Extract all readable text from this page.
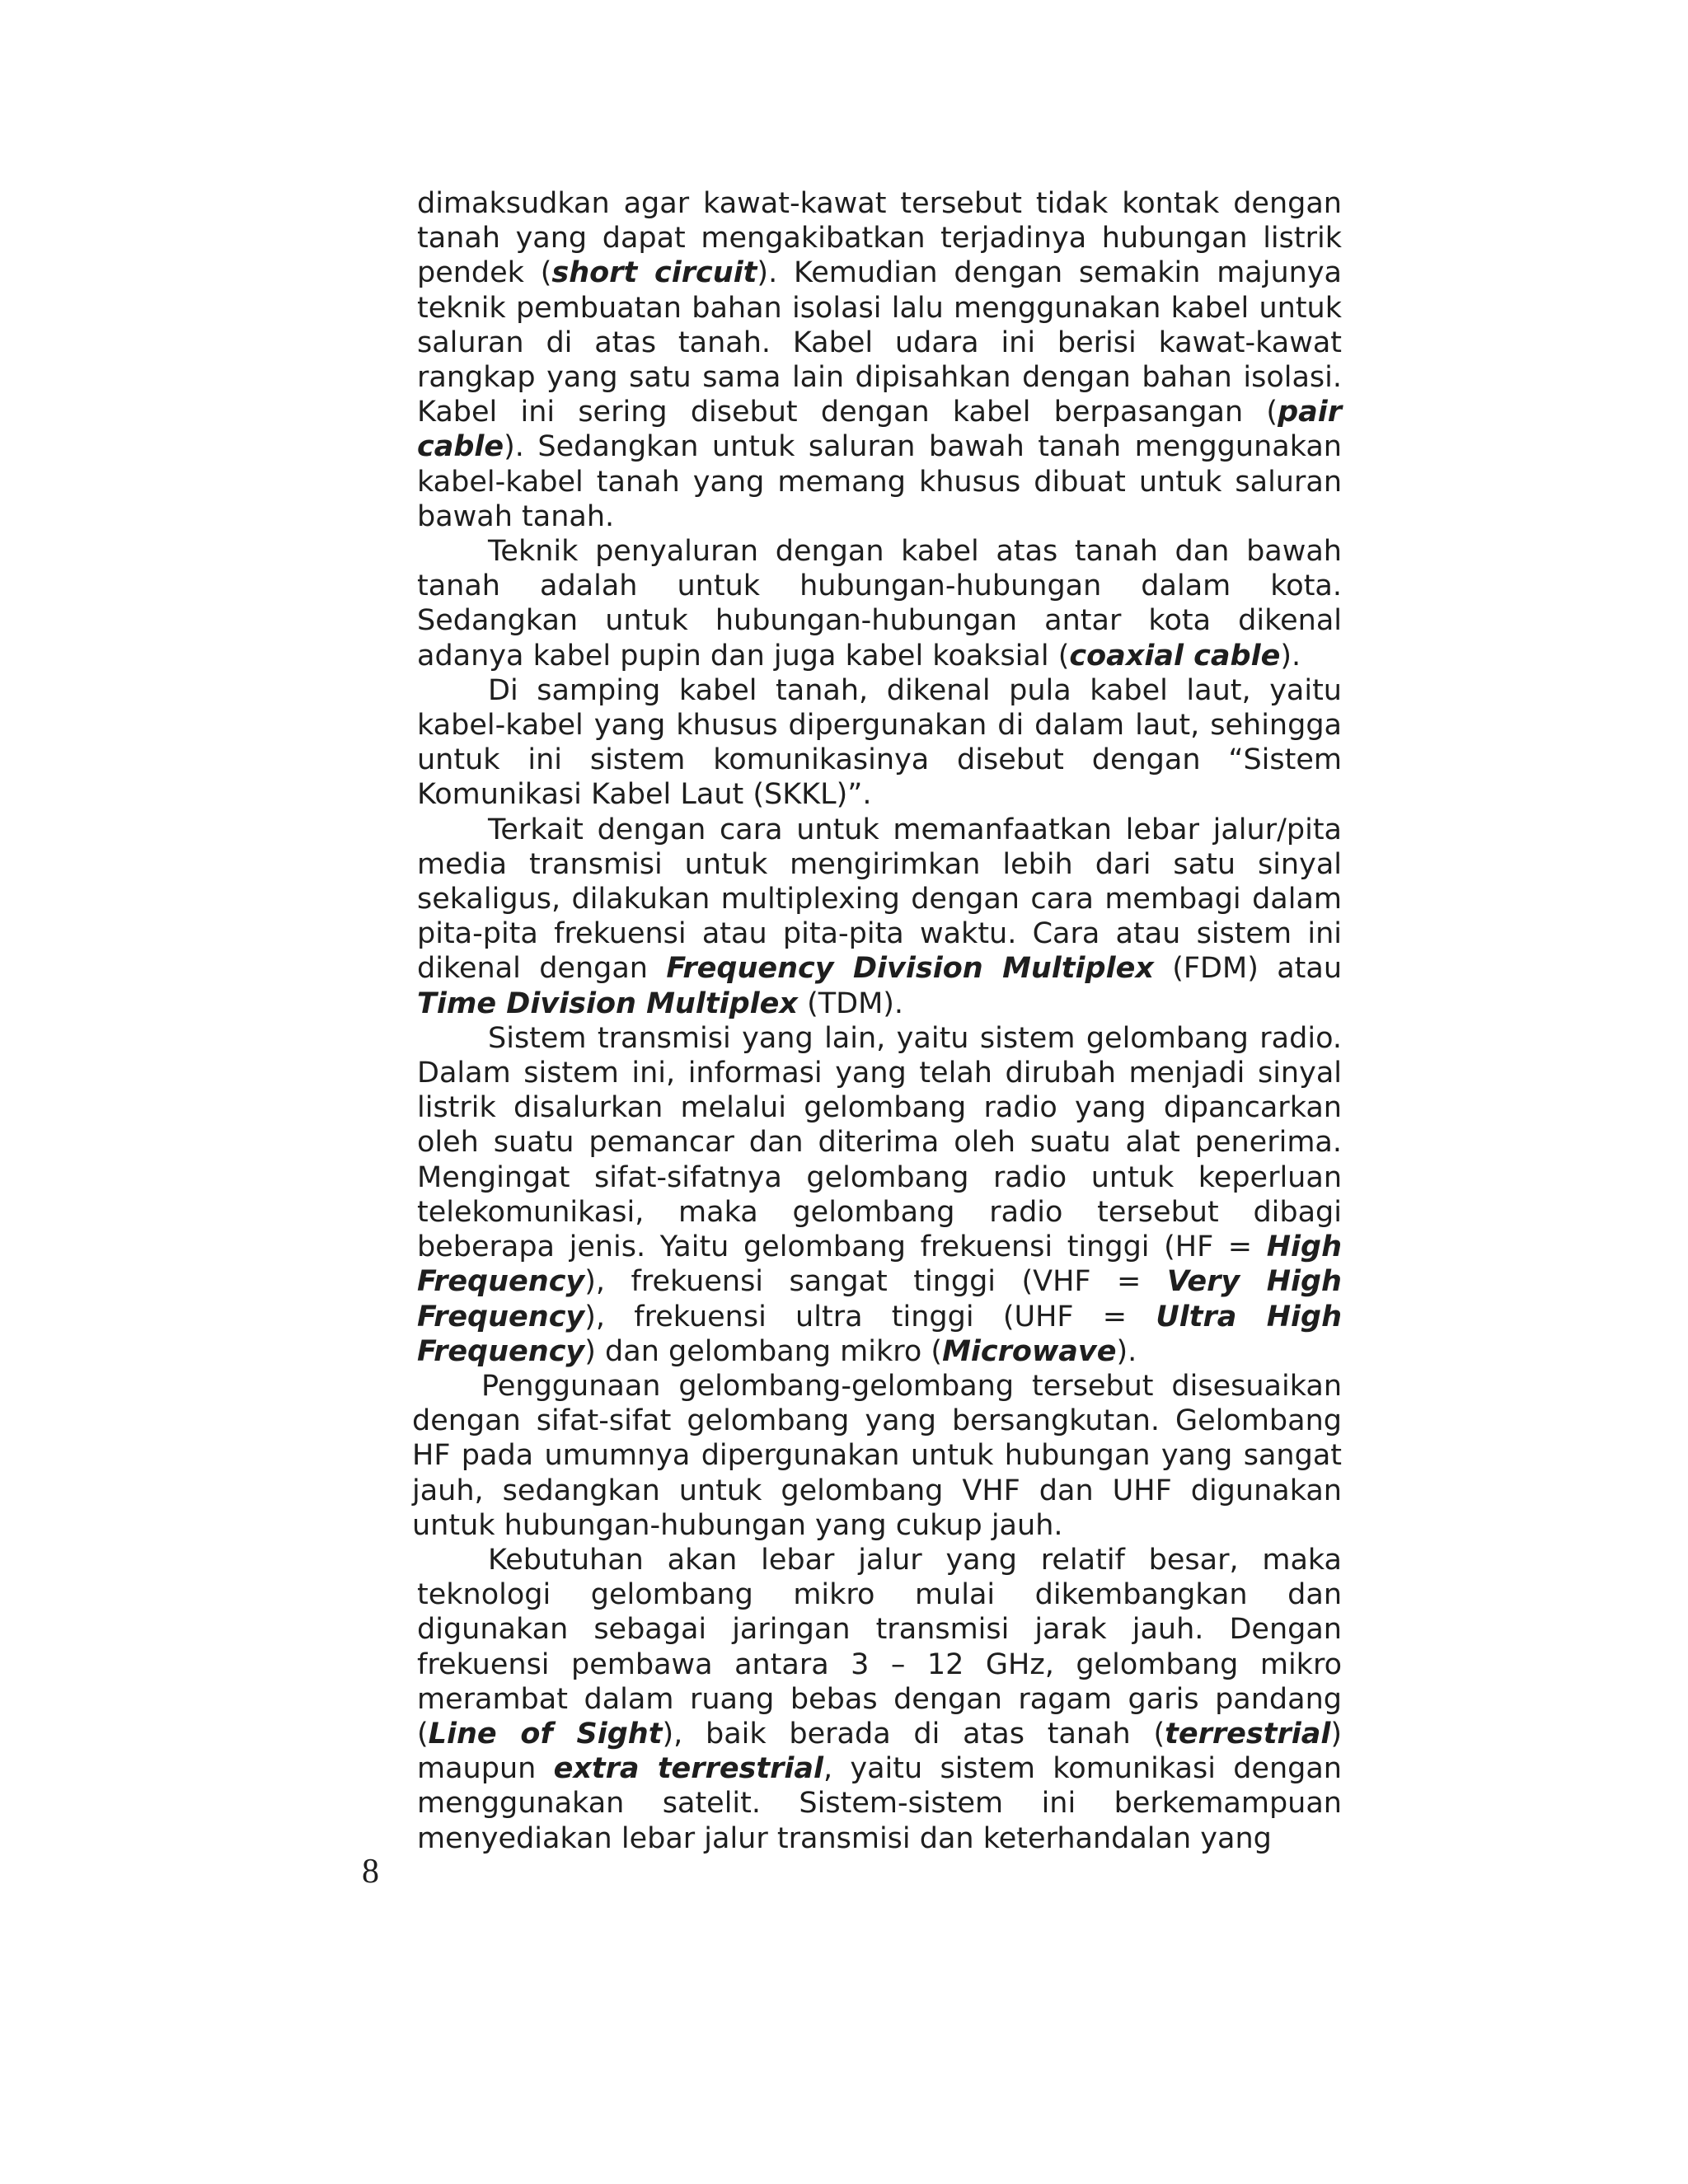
dimaksudkan agar kawat-kawat tersebut tidak kontak dengan tanah yang dapat mengakibatkan terjadinya hubungan listrik pendek (short circuit). Kemudian dengan semakin majunya teknik pembuatan bahan isolasi lalu menggunakan kabel untuk saluran di atas tanah. Kabel udara ini berisi kawat-kawat rangkap yang satu sama lain dipisahkan dengan bahan isolasi. Kabel ini sering disebut dengan kabel berpasangan (pair cable). Sedangkan untuk saluran bawah tanah menggunakan kabel-kabel tanah yang memang khusus dibuat untuk saluran bawah tanah.

Teknik penyaluran dengan kabel atas tanah dan bawah tanah adalah untuk hubungan-hubungan dalam kota. Sedangkan untuk hubungan-hubungan antar kota dikenal adanya kabel pupin dan juga kabel koaksial (coaxial cable).

Di samping kabel tanah, dikenal pula kabel laut, yaitu kabel-kabel yang khusus dipergunakan di dalam laut, sehingga untuk ini sistem komunikasinya disebut dengan “Sistem Komunikasi Kabel Laut (SKKL)”.

Terkait dengan cara untuk memanfaatkan lebar jalur/pita media transmisi untuk mengirimkan lebih dari satu sinyal sekaligus, dilakukan multiplexing dengan cara membagi dalam pita-pita frekuensi atau pita-pita waktu. Cara atau sistem ini dikenal dengan Frequency Division Multiplex (FDM) atau Time Division Multiplex (TDM).

Sistem transmisi yang lain, yaitu sistem gelombang radio. Dalam sistem ini, informasi yang telah dirubah menjadi sinyal listrik disalurkan melalui gelombang radio yang dipancarkan oleh suatu pemancar dan diterima oleh suatu alat penerima. Mengingat sifat-sifatnya gelombang radio untuk keperluan telekomunikasi, maka gelombang radio tersebut dibagi beberapa jenis. Yaitu gelombang frekuensi tinggi (HF = High Frequency), frekuensi sangat tinggi (VHF = Very High Frequency), frekuensi ultra tinggi (UHF = Ultra High Frequency) dan gelombang mikro (Microwave).

Penggunaan gelombang-gelombang tersebut disesuaikan dengan sifat-sifat gelombang yang bersangkutan. Gelombang HF pada umumnya dipergunakan untuk hubungan yang sangat jauh, sedangkan untuk gelombang VHF dan UHF digunakan untuk hubungan-hubungan yang cukup jauh.

Kebutuhan akan lebar jalur yang relatif besar, maka teknologi gelombang mikro mulai dikembangkan dan digunakan sebagai jaringan transmisi jarak jauh. Dengan frekuensi pembawa antara 3 – 12 GHz, gelombang mikro merambat dalam ruang bebas dengan ragam garis pandang (Line of Sight), baik berada di atas tanah (terrestrial) maupun extra terrestrial, yaitu sistem komunikasi dengan menggunakan satelit. Sistem-sistem ini berkemampuan menyediakan lebar jalur transmisi dan keterhandalan yang

8
